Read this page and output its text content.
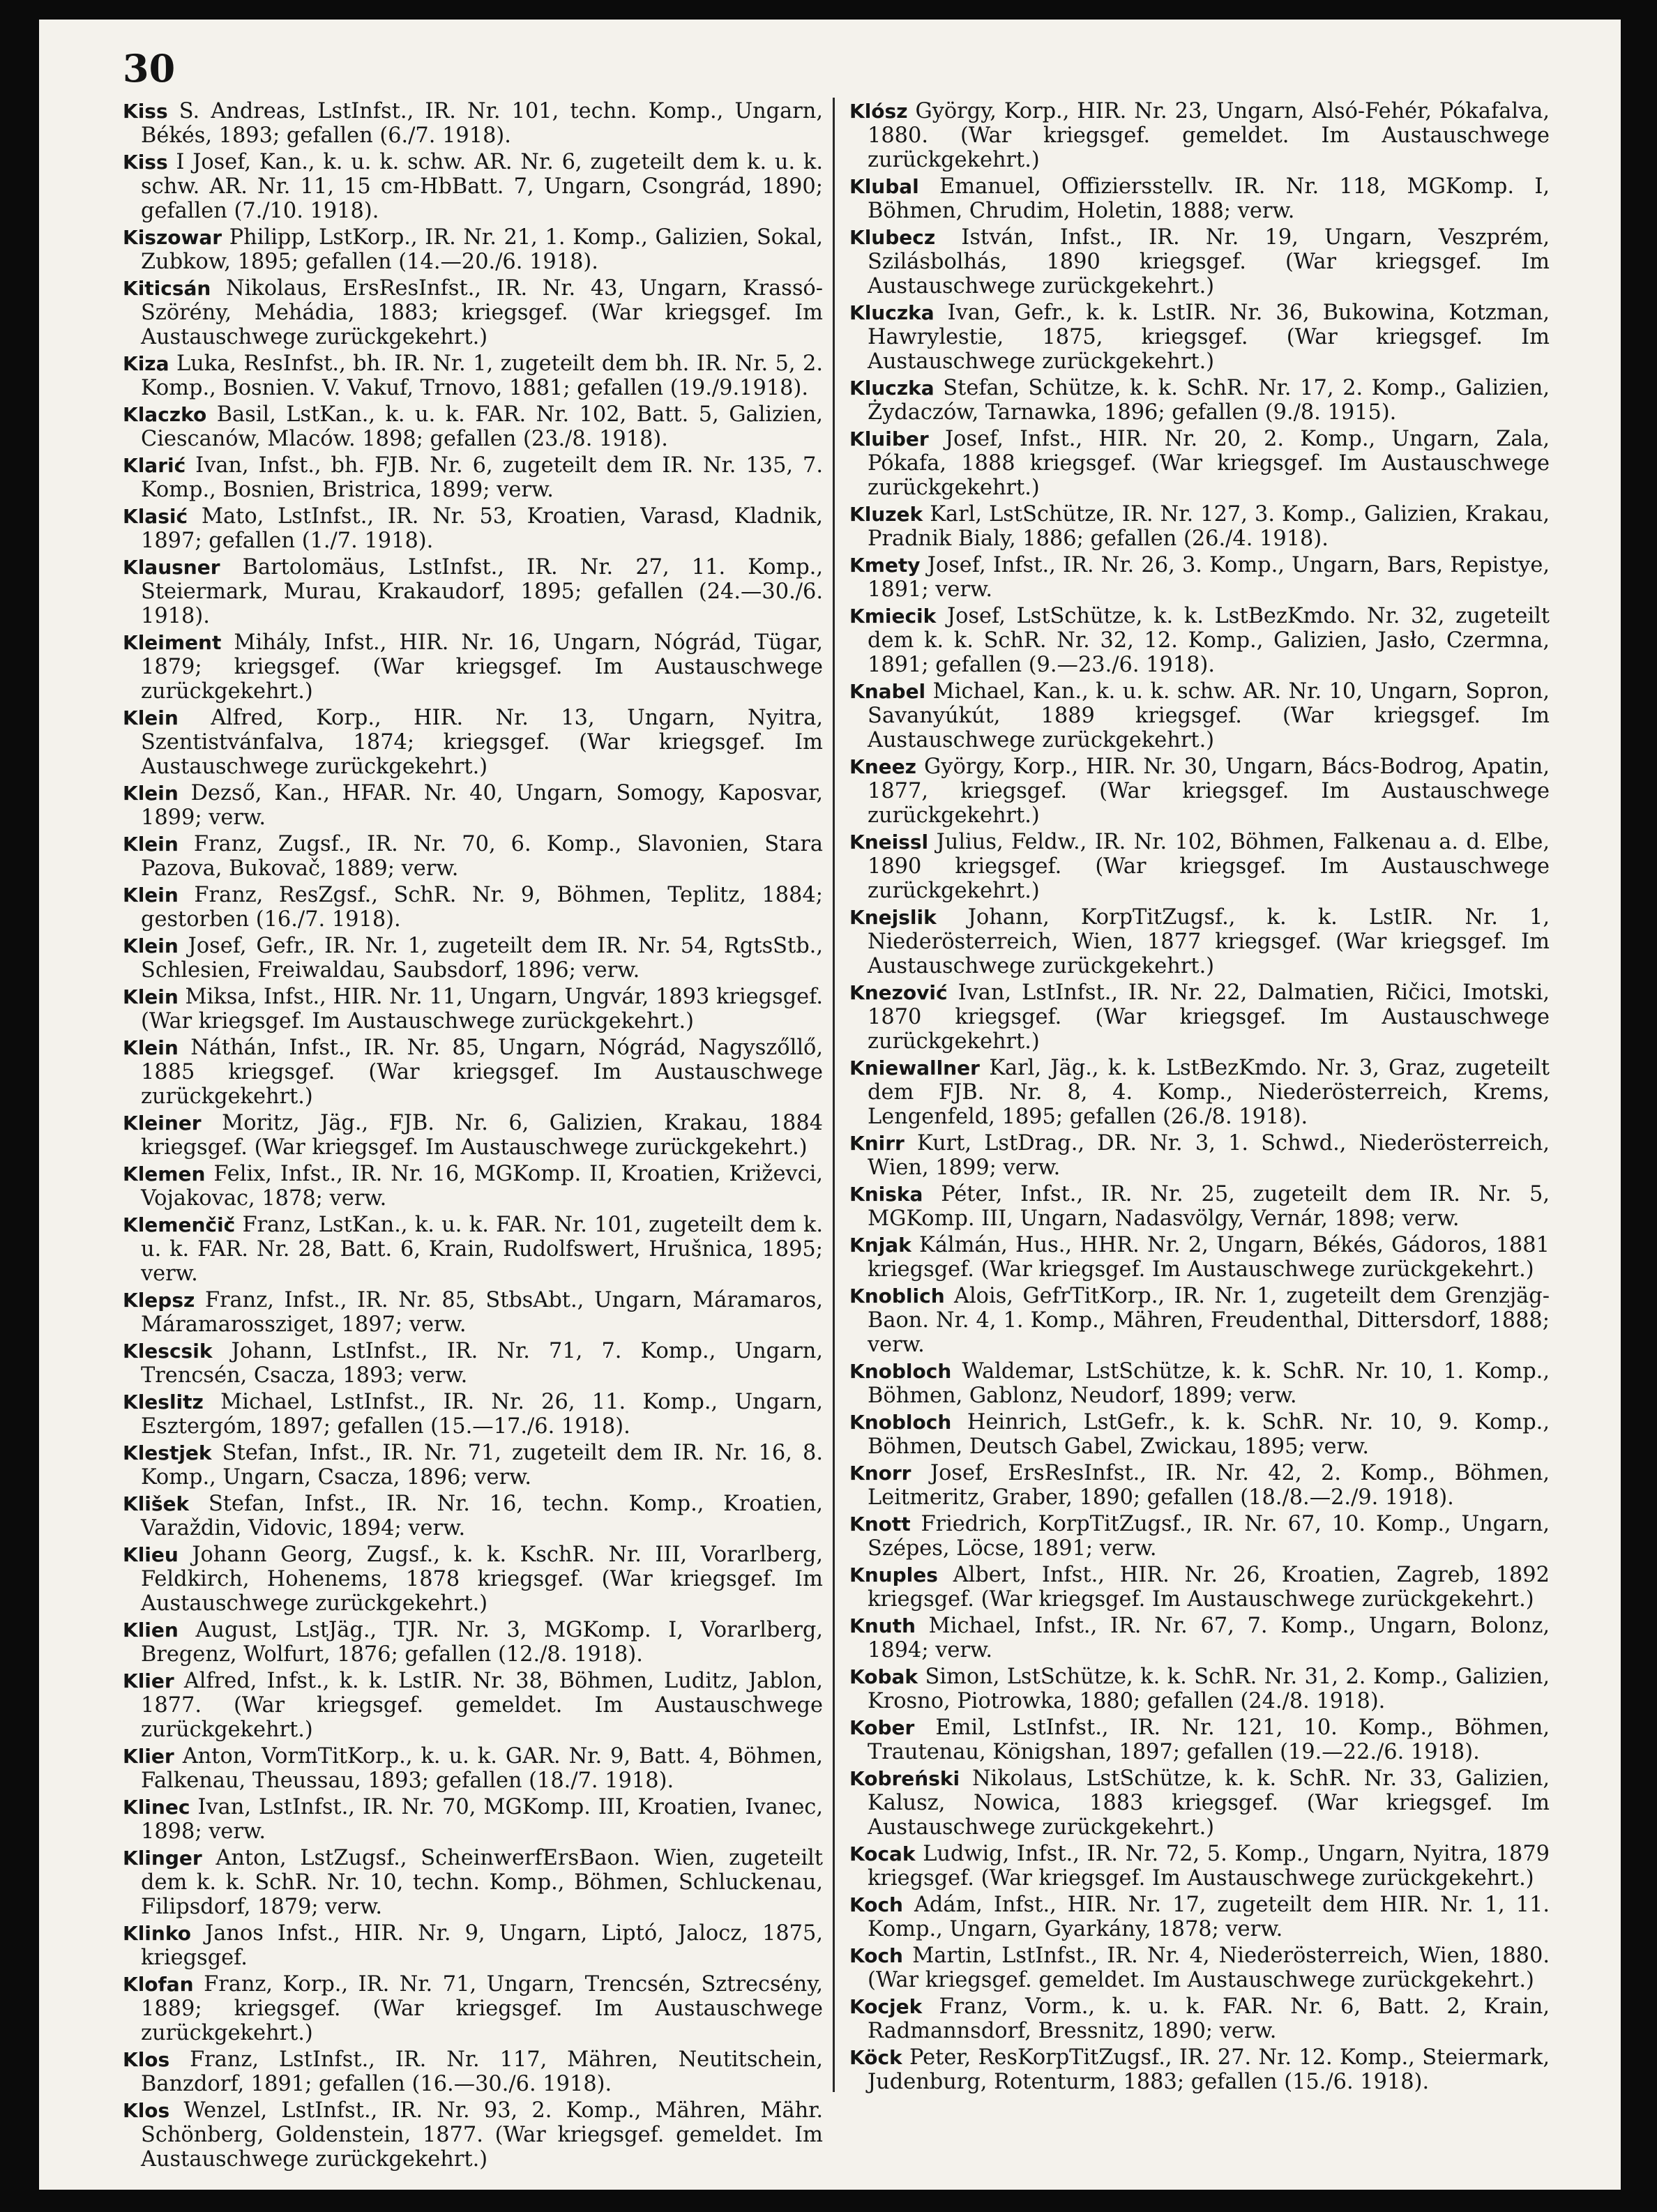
30

Kiss S. Andreas, LstInfst., IR. Nr. 101, techn. Komp., Ungarn, Békés, 1893; gefallen (6./7. 1918).

Kiss I Josef, Kan., k. u. k. schw. AR. Nr. 6, zugeteilt dem k. u. k. schw. AR. Nr. 11, 15 cm-HbBatt. 7, Ungarn, Csongrád, 1890; gefallen (7./10. 1918).

Kiszowar Philipp, LstKorp., IR. Nr. 21, 1. Komp., Galizien, Sokal, Zubkow, 1895; gefallen (14.—20./6. 1918).

Kiticsán Nikolaus, ErsResInfst., IR. Nr. 43, Ungarn, Krassó-Szörény, Mehádia, 1883; kriegsgef. (War kriegsgef. Im Austauschwege zurückgekehrt.)

Kiza Luka, ResInfst., bh. IR. Nr. 1, zugeteilt dem bh. IR. Nr. 5, 2. Komp., Bosnien. V. Vakuf, Trnovo, 1881; gefallen (19./9.1918).

Klaczko Basil, LstKan., k. u. k. FAR. Nr. 102, Batt. 5, Galizien, Ciescanów, Mlaców. 1898; gefallen (23./8. 1918).

Klarić Ivan, Infst., bh. FJB. Nr. 6, zugeteilt dem IR. Nr. 135, 7. Komp., Bosnien, Bristrica, 1899; verw.

Klasić Mato, LstInfst., IR. Nr. 53, Kroatien, Varasd, Kladnik, 1897; gefallen (1./7. 1918).

Klausner Bartolomäus, LstInfst., IR. Nr. 27, 11. Komp., Steiermark, Murau, Krakaudorf, 1895; gefallen (24.—30./6. 1918).

Kleiment Mihály, Infst., HIR. Nr. 16, Ungarn, Nógrád, Tügar, 1879; kriegsgef. (War kriegsgef. Im Austauschwege zurückgekehrt.)

Klein Alfred, Korp., HIR. Nr. 13, Ungarn, Nyitra, Szentistvánfalva, 1874; kriegsgef. (War kriegsgef. Im Austauschwege zurückgekehrt.)

Klein Dezső, Kan., HFAR. Nr. 40, Ungarn, Somogy, Kaposvar, 1899; verw.

Klein Franz, Zugsf., IR. Nr. 70, 6. Komp., Slavonien, Stara Pazova, Bukovač, 1889; verw.

Klein Franz, ResZgsf., SchR. Nr. 9, Böhmen, Teplitz, 1884; gestorben (16./7. 1918).

Klein Josef, Gefr., IR. Nr. 1, zugeteilt dem IR. Nr. 54, RgtsStb., Schlesien, Freiwaldau, Saubsdorf, 1896; verw.

Klein Miksa, Infst., HIR. Nr. 11, Ungarn, Ungvár, 1893 kriegsgef. (War kriegsgef. Im Austauschwege zurückgekehrt.)

Klein Náthán, Infst., IR. Nr. 85, Ungarn, Nógrád, Nagyszőllő, 1885 kriegsgef. (War kriegsgef. Im Austauschwege zurückgekehrt.)

Kleiner Moritz, Jäg., FJB. Nr. 6, Galizien, Krakau, 1884 kriegsgef. (War kriegsgef. Im Austauschwege zurückgekehrt.)

Klemen Felix, Infst., IR. Nr. 16, MGKomp. II, Kroatien, Križevci, Vojakovac, 1878; verw.

Klemenčič Franz, LstKan., k. u. k. FAR. Nr. 101, zugeteilt dem k. u. k. FAR. Nr. 28, Batt. 6, Krain, Rudolfswert, Hrušnica, 1895; verw.

Klepsz Franz, Infst., IR. Nr. 85, StbsAbt., Ungarn, Máramaros, Máramarossziget, 1897; verw.

Klescsik Johann, LstInfst., IR. Nr. 71, 7. Komp., Ungarn, Trencsén, Csacza, 1893; verw.

Kleslitz Michael, LstInfst., IR. Nr. 26, 11. Komp., Ungarn, Esztergóm, 1897; gefallen (15.—17./6. 1918).

Klestjek Stefan, Infst., IR. Nr. 71, zugeteilt dem IR. Nr. 16, 8. Komp., Ungarn, Csacza, 1896; verw.

Klišek Stefan, Infst., IR. Nr. 16, techn. Komp., Kroatien, Varaždin, Vidovic, 1894; verw.

Klieu Johann Georg, Zugsf., k. k. KschR. Nr. III, Vorarlberg, Feldkirch, Hohenems, 1878 kriegsgef. (War kriegsgef. Im Austauschwege zurückgekehrt.)

Klien August, LstJäg., TJR. Nr. 3, MGKomp. I, Vorarlberg, Bregenz, Wolfurt, 1876; gefallen (12./8. 1918).

Klier Alfred, Infst., k. k. LstIR. Nr. 38, Böhmen, Luditz, Jablon, 1877. (War kriegsgef. gemeldet. Im Austauschwege zurückgekehrt.)

Klier Anton, VormTitKorp., k. u. k. GAR. Nr. 9, Batt. 4, Böhmen, Falkenau, Theussau, 1893; gefallen (18./7. 1918).

Klinec Ivan, LstInfst., IR. Nr. 70, MGKomp. III, Kroatien, Ivanec, 1898; verw.

Klinger Anton, LstZugsf., ScheinwerfErsBaon. Wien, zugeteilt dem k. k. SchR. Nr. 10, techn. Komp., Böhmen, Schluckenau, Filipsdorf, 1879; verw.

Klinko Janos Infst., HIR. Nr. 9, Ungarn, Liptó, Jalocz, 1875, kriegsgef.

Klofan Franz, Korp., IR. Nr. 71, Ungarn, Trencsén, Sztrecsény, 1889; kriegsgef. (War kriegsgef. Im Austauschwege zurückgekehrt.)

Klos Franz, LstInfst., IR. Nr. 117, Mähren, Neutitschein, Banzdorf, 1891; gefallen (16.—30./6. 1918).

Klos Wenzel, LstInfst., IR. Nr. 93, 2. Komp., Mähren, Mähr. Schönberg, Goldenstein, 1877. (War kriegsgef. gemeldet. Im Austauschwege zurückgekehrt.)

Klósz György, Korp., HIR. Nr. 23, Ungarn, Alsó-Fehér, Pókafalva, 1880. (War kriegsgef. gemeldet. Im Austauschwege zurückgekehrt.)

Klubal Emanuel, Offiziersstellv. IR. Nr. 118, MGKomp. I, Böhmen, Chrudim, Holetin, 1888; verw.

Klubecz István, Infst., IR. Nr. 19, Ungarn, Veszprém, Szilásbolhás, 1890 kriegsgef. (War kriegsgef. Im Austauschwege zurückgekehrt.)

Kluczka Ivan, Gefr., k. k. LstIR. Nr. 36, Bukowina, Kotzman, Hawrylestie, 1875, kriegsgef. (War kriegsgef. Im Austauschwege zurückgekehrt.)

Kluczka Stefan, Schütze, k. k. SchR. Nr. 17, 2. Komp., Galizien, Żydaczów, Tarnawka, 1896; gefallen (9./8. 1915).

Kluiber Josef, Infst., HIR. Nr. 20, 2. Komp., Ungarn, Zala, Pókafa, 1888 kriegsgef. (War kriegsgef. Im Austauschwege zurückgekehrt.)

Kluzek Karl, LstSchütze, IR. Nr. 127, 3. Komp., Galizien, Krakau, Pradnik Bialy, 1886; gefallen (26./4. 1918).

Kmety Josef, Infst., IR. Nr. 26, 3. Komp., Ungarn, Bars, Repistye, 1891; verw.

Kmiecik Josef, LstSchütze, k. k. LstBezKmdo. Nr. 32, zugeteilt dem k. k. SchR. Nr. 32, 12. Komp., Galizien, Jasło, Czermna, 1891; gefallen (9.—23./6. 1918).

Knabel Michael, Kan., k. u. k. schw. AR. Nr. 10, Ungarn, Sopron, Savanyúkút, 1889 kriegsgef. (War kriegsgef. Im Austauschwege zurückgekehrt.)

Kneez György, Korp., HIR. Nr. 30, Ungarn, Bács-Bodrog, Apatin, 1877, kriegsgef. (War kriegsgef. Im Austauschwege zurückgekehrt.)

Kneissl Julius, Feldw., IR. Nr. 102, Böhmen, Falkenau a. d. Elbe, 1890 kriegsgef. (War kriegsgef. Im Austauschwege zurückgekehrt.)

Knejslik Johann, KorpTitZugsf., k. k. LstIR. Nr. 1, Niederösterreich, Wien, 1877 kriegsgef. (War kriegsgef. Im Austauschwege zurückgekehrt.)

Knezović Ivan, LstInfst., IR. Nr. 22, Dalmatien, Ričici, Imotski, 1870 kriegsgef. (War kriegsgef. Im Austauschwege zurückgekehrt.)

Kniewallner Karl, Jäg., k. k. LstBezKmdo. Nr. 3, Graz, zugeteilt dem FJB. Nr. 8, 4. Komp., Niederösterreich, Krems, Lengenfeld, 1895; gefallen (26./8. 1918).

Knirr Kurt, LstDrag., DR. Nr. 3, 1. Schwd., Niederösterreich, Wien, 1899; verw.

Kniska Péter, Infst., IR. Nr. 25, zugeteilt dem IR. Nr. 5, MGKomp. III, Ungarn, Nadasvölgy, Vernár, 1898; verw.

Knjak Kálmán, Hus., HHR. Nr. 2, Ungarn, Békés, Gádoros, 1881 kriegsgef. (War kriegsgef. Im Austauschwege zurückgekehrt.)

Knoblich Alois, GefrTitKorp., IR. Nr. 1, zugeteilt dem Grenzjäg-Baon. Nr. 4, 1. Komp., Mähren, Freudenthal, Dittersdorf, 1888; verw.

Knobloch Waldemar, LstSchütze, k. k. SchR. Nr. 10, 1. Komp., Böhmen, Gablonz, Neudorf, 1899; verw.

Knobloch Heinrich, LstGefr., k. k. SchR. Nr. 10, 9. Komp., Böhmen, Deutsch Gabel, Zwickau, 1895; verw.

Knorr Josef, ErsResInfst., IR. Nr. 42, 2. Komp., Böhmen, Leitmeritz, Graber, 1890; gefallen (18./8.—2./9. 1918).

Knott Friedrich, KorpTitZugsf., IR. Nr. 67, 10. Komp., Ungarn, Szépes, Löcse, 1891; verw.

Knuples Albert, Infst., HIR. Nr. 26, Kroatien, Zagreb, 1892 kriegsgef. (War kriegsgef. Im Austauschwege zurückgekehrt.)

Knuth Michael, Infst., IR. Nr. 67, 7. Komp., Ungarn, Bolonz, 1894; verw.

Kobak Simon, LstSchütze, k. k. SchR. Nr. 31, 2. Komp., Galizien, Krosno, Piotrowka, 1880; gefallen (24./8. 1918).

Kober Emil, LstInfst., IR. Nr. 121, 10. Komp., Böhmen, Trautenau, Königshan, 1897; gefallen (19.—22./6. 1918).

Kobreński Nikolaus, LstSchütze, k. k. SchR. Nr. 33, Galizien, Kalusz, Nowica, 1883 kriegsgef. (War kriegsgef. Im Austauschwege zurückgekehrt.)

Kocak Ludwig, Infst., IR. Nr. 72, 5. Komp., Ungarn, Nyitra, 1879 kriegsgef. (War kriegsgef. Im Austauschwege zurückgekehrt.)

Koch Adám, Infst., HIR. Nr. 17, zugeteilt dem HIR. Nr. 1, 11. Komp., Ungarn, Gyarkány, 1878; verw.

Koch Martin, LstInfst., IR. Nr. 4, Niederösterreich, Wien, 1880. (War kriegsgef. gemeldet. Im Austauschwege zurückgekehrt.)

Kocjek Franz, Vorm., k. u. k. FAR. Nr. 6, Batt. 2, Krain, Radmannsdorf, Bressnitz, 1890; verw.

Köck Peter, ResKorpTitZugsf., IR. 27. Nr. 12. Komp., Steiermark, Judenburg, Rotenturm, 1883; gefallen (15./6. 1918).
